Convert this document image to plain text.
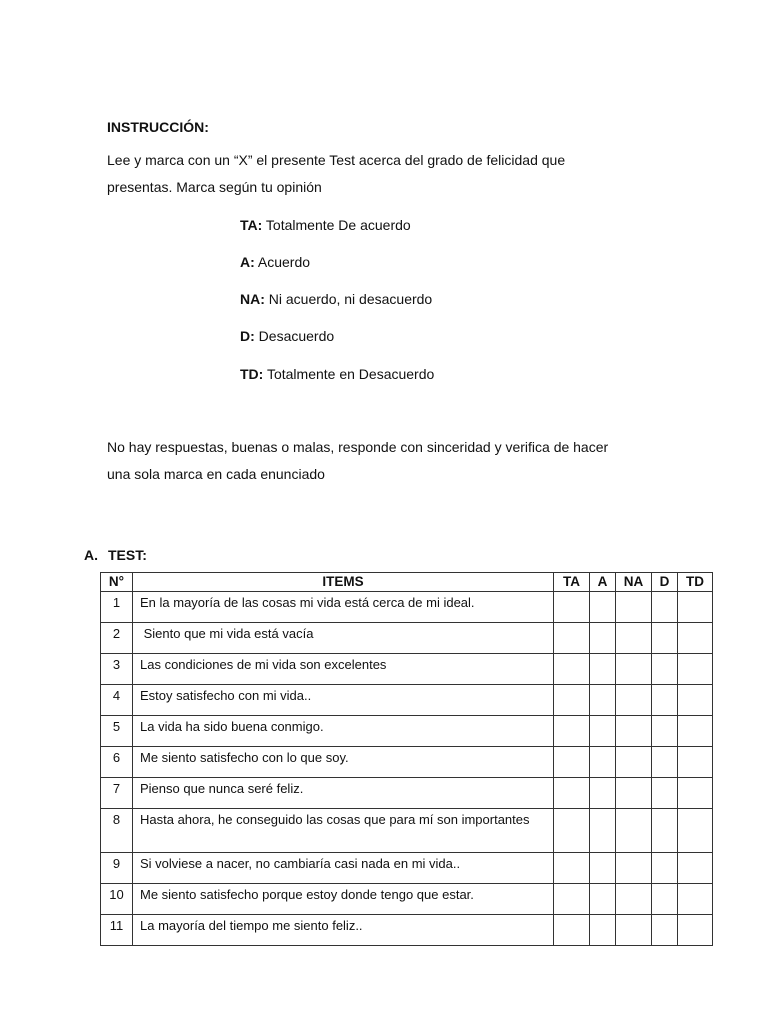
INSTRUCCIÓN:
Lee y marca con un “X” el presente Test acerca del grado de felicidad que
presentas. Marca según tu opinión
TA: Totalmente De acuerdo
A: Acuerdo
NA: Ni acuerdo, ni desacuerdo
D: Desacuerdo
TD: Totalmente en Desacuerdo
No hay respuestas, buenas o malas, responde con sinceridad y verifica de hacer
una sola marca en cada enunciado
A. TEST:
N°	ITEMS	TA	A	NA	D	TD
1	En la mayoría de las cosas mi vida está cerca de mi ideal.					
2	Siento que mi vida está vacía					
3	Las condiciones de mi vida son excelentes					
4	Estoy satisfecho con mi vida..					
5	La vida ha sido buena conmigo.					
6	Me siento satisfecho con lo que soy.					
7	Pienso que nunca seré feliz.					
8	Hasta ahora, he conseguido las cosas que para mí son importantes					
9	Si volviese a nacer, no cambiaría casi nada en mi vida..					
10	Me siento satisfecho porque estoy donde tengo que estar.					
11	La mayoría del tiempo me siento feliz..					
